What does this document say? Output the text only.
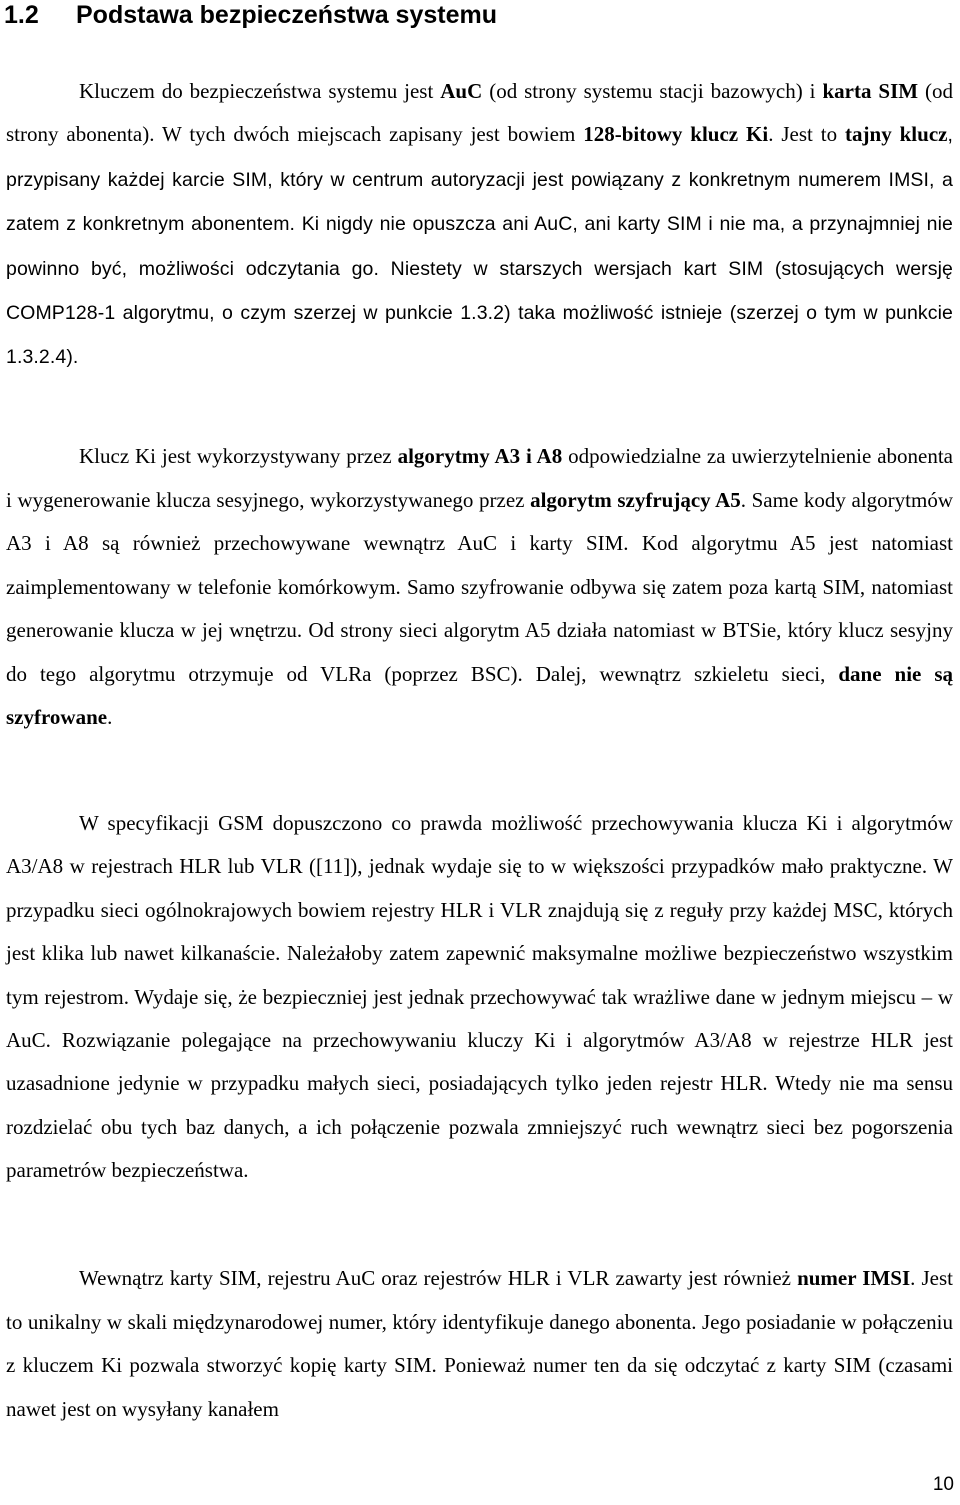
1.2 Podstawa bezpieczeństwa systemu

Kluczem do bezpieczeństwa systemu jest AuC (od strony systemu stacji bazowych) i karta SIM (od strony abonenta). W tych dwóch miejscach zapisany jest bowiem 128-bitowy klucz Ki. Jest to tajny klucz, przypisany każdej karcie SIM, który w centrum autoryzacji jest powiązany z konkretnym numerem IMSI, a zatem z konkretnym abonentem. Ki nigdy nie opuszcza ani AuC, ani karty SIM i nie ma, a przynajmniej nie powinno być, możliwości odczytania go. Niestety w starszych wersjach kart SIM (stosujących wersję COMP128-1 algorytmu, o czym szerzej w punkcie 1.3.2) taka możliwość istnieje (szerzej o tym w punkcie 1.3.2.4).

Klucz Ki jest wykorzystywany przez algorytmy A3 i A8 odpowiedzialne za uwierzytelnienie abonenta i wygenerowanie klucza sesyjnego, wykorzystywanego przez algorytm szyfrujący A5. Same kody algorytmów A3 i A8 są również przechowywane wewnątrz AuC i karty SIM. Kod algorytmu A5 jest natomiast zaimplementowany w telefonie komórkowym. Samo szyfrowanie odbywa się zatem poza kartą SIM, natomiast generowanie klucza w jej wnętrzu. Od strony sieci algorytm A5 działa natomiast w BTSie, który klucz sesyjny do tego algorytmu otrzymuje od VLRa (poprzez BSC). Dalej, wewnątrz szkieletu sieci, dane nie są szyfrowane.

W specyfikacji GSM dopuszczono co prawda możliwość przechowywania klucza Ki i algorytmów A3/A8 w rejestrach HLR lub VLR ([11]), jednak wydaje się to w większości przypadków mało praktyczne. W przypadku sieci ogólnokrajowych bowiem rejestry HLR i VLR znajdują się z reguły przy każdej MSC, których jest klika lub nawet kilkanaście. Należałoby zatem zapewnić maksymalne możliwe bezpieczeństwo wszystkim tym rejestrom. Wydaje się, że bezpieczniej jest jednak przechowywać tak wrażliwe dane w jednym miejscu – w AuC. Rozwiązanie polegające na przechowywaniu kluczy Ki i algorytmów A3/A8 w rejestrze HLR jest uzasadnione jedynie w przypadku małych sieci, posiadających tylko jeden rejestr HLR. Wtedy nie ma sensu rozdzielać obu tych baz danych, a ich połączenie pozwala zmniejszyć ruch wewnątrz sieci bez pogorszenia parametrów bezpieczeństwa.

Wewnątrz karty SIM, rejestru AuC oraz rejestrów HLR i VLR zawarty jest również numer IMSI. Jest to unikalny w skali międzynarodowej numer, który identyfikuje danego abonenta. Jego posiadanie w połączeniu z kluczem Ki pozwala stworzyć kopię karty SIM. Ponieważ numer ten da się odczytać z karty SIM (czasami nawet jest on wysyłany kanałem

10
